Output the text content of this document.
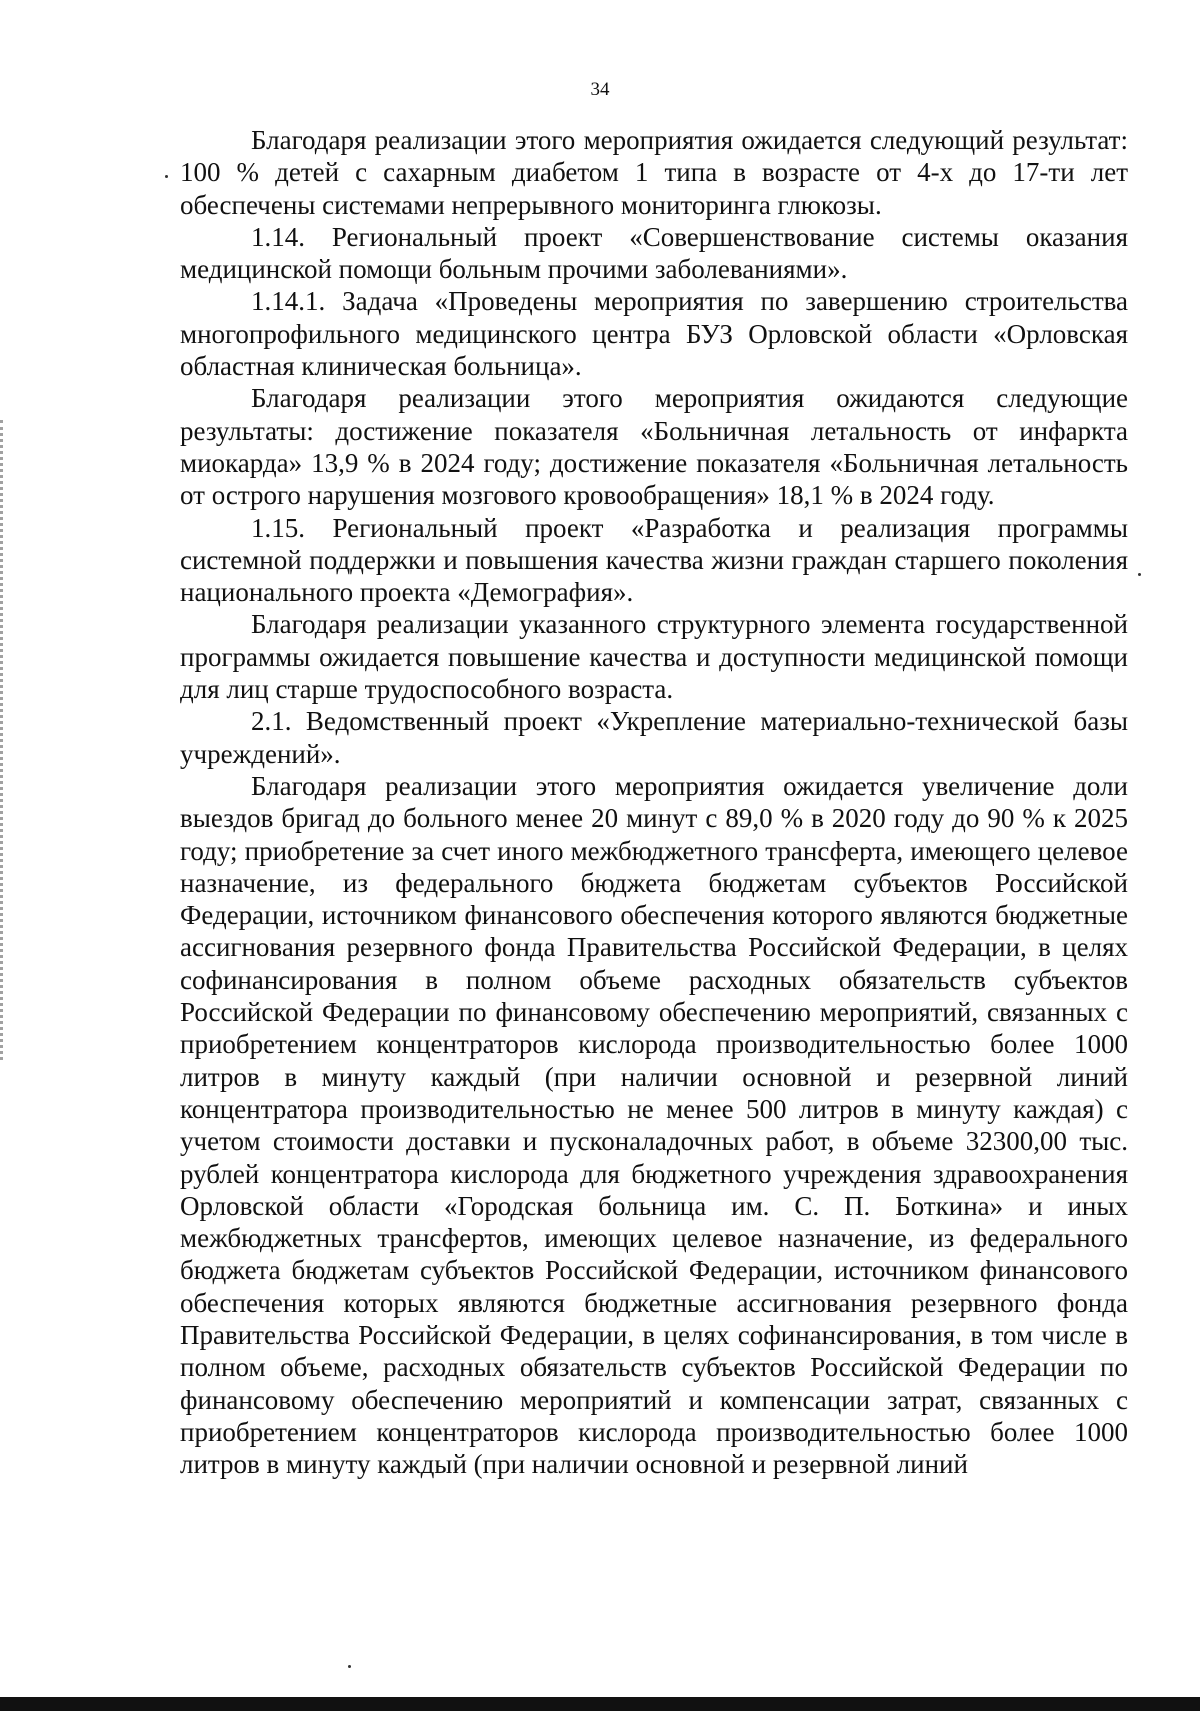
34

Благодаря реализации этого мероприятия ожидается следующий результат: 100 % детей с сахарным диабетом 1 типа в возрасте от 4-х до 17-ти лет обеспечены системами непрерывного мониторинга глюкозы.

1.14. Региональный проект «Совершенствование системы оказания медицинской помощи больным прочими заболеваниями».

1.14.1. Задача «Проведены мероприятия по завершению строительства многопрофильного медицинского центра БУЗ Орловской области «Орловская областная клиническая больница».

Благодаря реализации этого мероприятия ожидаются следующие результаты: достижение показателя «Больничная летальность от инфаркта миокарда» 13,9 % в 2024 году; достижение показателя «Больничная летальность от острого нарушения мозгового кровообращения» 18,1 % в 2024 году.

1.15. Региональный проект «Разработка и реализация программы системной поддержки и повышения качества жизни граждан старшего поколения национального проекта «Демография».

Благодаря реализации указанного структурного элемента государственной программы ожидается повышение качества и доступности медицинской помощи для лиц старше трудоспособного возраста.

2.1. Ведомственный проект «Укрепление материально-технической базы учреждений».

Благодаря реализации этого мероприятия ожидается увеличение доли выездов бригад до больного менее 20 минут с 89,0 % в 2020 году до 90 % к 2025 году; приобретение за счет иного межбюджетного трансферта, имеющего целевое назначение, из федерального бюджета бюджетам субъектов Российской Федерации, источником финансового обеспечения которого являются бюджетные ассигнования резервного фонда Правительства Российской Федерации, в целях софинансирования в полном объеме расходных обязательств субъектов Российской Федерации по финансовому обеспечению мероприятий, связанных с приобретением концентраторов кислорода производительностью более 1000 литров в минуту каждый (при наличии основной и резервной линий концентратора производительностью не менее 500 литров в минуту каждая) с учетом стоимости доставки и пусконаладочных работ, в объеме 32300,00 тыс. рублей концентратора кислорода для бюджетного учреждения здравоохранения Орловской области «Городская больница им. С. П. Боткина» и иных межбюджетных трансфертов, имеющих целевое назначение, из федерального бюджета бюджетам субъектов Российской Федерации, источником финансового обеспечения которых являются бюджетные ассигнования резервного фонда Правительства Российской Федерации, в целях софинансирования, в том числе в полном объеме, расходных обязательств субъектов Российской Федерации по финансовому обеспечению мероприятий и компенсации затрат, связанных с приобретением концентраторов кислорода производительностью более 1000 литров в минуту каждый (при наличии основной и резервной линий
